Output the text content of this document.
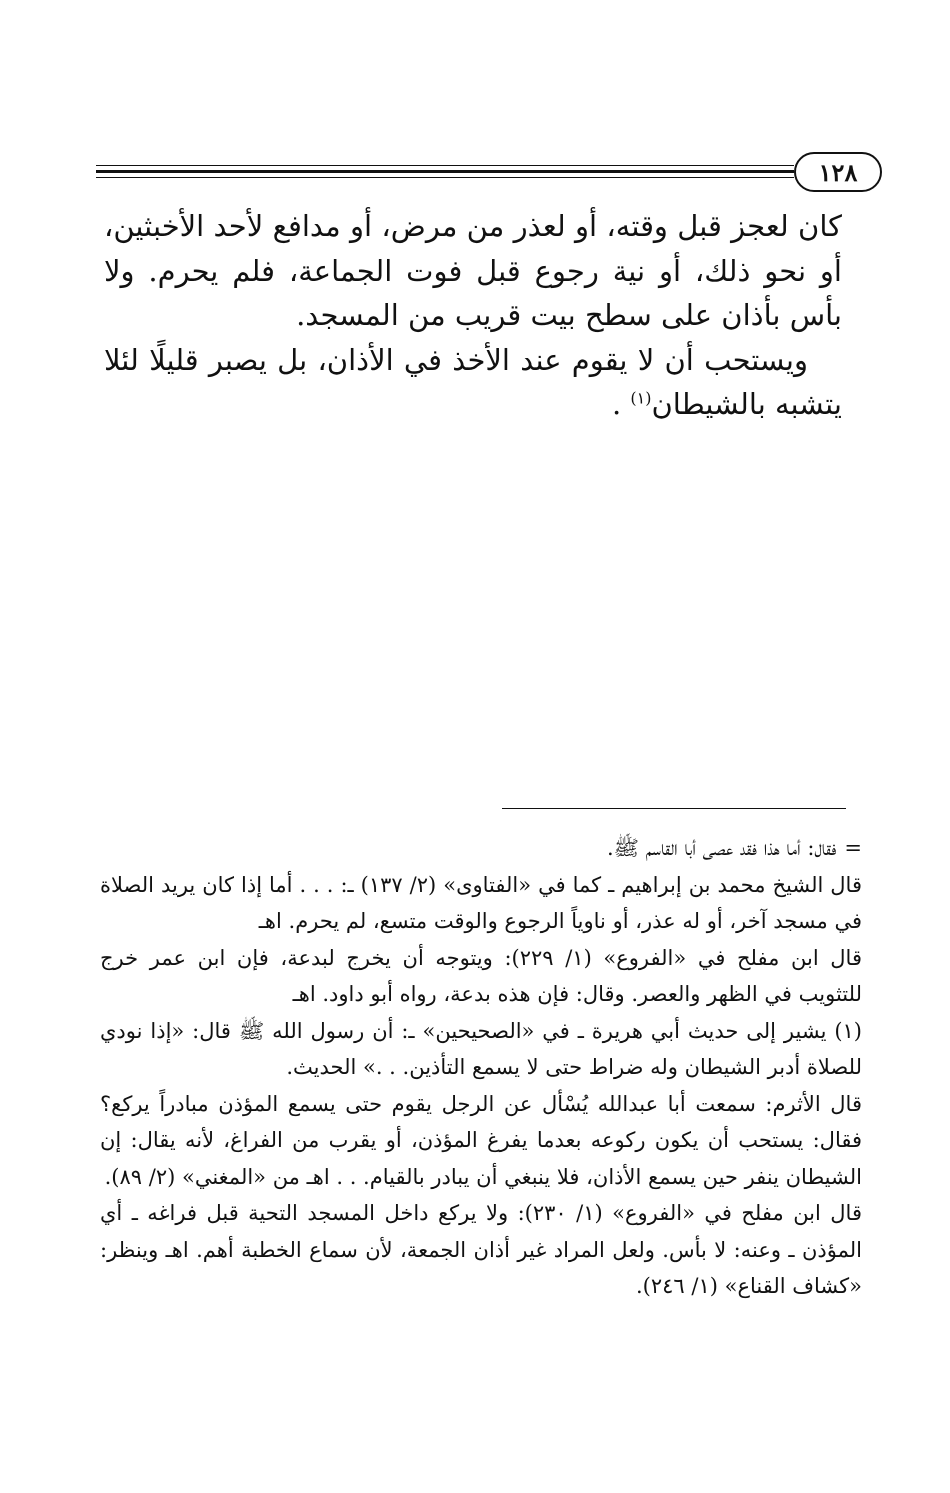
١٢٨

كان لعجز قبل وقته، أو لعذر من مرض، أو مدافع لأحد الأخبثين، أو نحو ذلك، أو نية رجوع قبل فوت الجماعة، فلم يحرم. ولا بأس بأذان على سطح بيت قريب من المسجد.

ويستحب أن لا يقوم عند الأخذ في الأذان، بل يصبر قليلًا لئلا يتشبه بالشيطان$^{(١)}$ .

=فقال: أما هذا فقد عصى أبا القاسم ﷺ.

قال الشيخ محمد بن إبراهيم ـ كما في «الفتاوى» (٢/ ١٣٧) ـ: . . . أما إذا كان يريد الصلاة في مسجد آخر، أو له عذر، أو ناوياً الرجوع والوقت متسع، لم يحرم. اهـ

قال ابن مفلح في «الفروع» (١/ ٢٢٩): ويتوجه أن يخرج لبدعة، فإن ابن عمر خرج للتثويب في الظهر والعصر. وقال: فإن هذه بدعة، رواه أبو داود. اهـ

(١) يشير إلى حديث أبي هريرة ـ في «الصحيحين» ـ: أن رسول الله ﷺ قال: «إذا نودي للصلاة أدبر الشيطان وله ضراط حتى لا يسمع التأذين. . .» الحديث.

قال الأثرم: سمعت أبا عبدالله يُسْأل عن الرجل يقوم حتى يسمع المؤذن مبادراً يركع؟ فقال: يستحب أن يكون ركوعه بعدما يفرغ المؤذن، أو يقرب من الفراغ، لأنه يقال: إن الشيطان ينفر حين يسمع الأذان، فلا ينبغي أن يبادر بالقيام. . . اهـ من «المغني» (٢/ ٨٩).

قال ابن مفلح في «الفروع» (١/ ٢٣٠): ولا يركع داخل المسجد التحية قبل فراغه ـ أي المؤذن ـ وعنه: لا بأس. ولعل المراد غير أذان الجمعة، لأن سماع الخطبة أهم. اهـ وينظر: «كشاف القناع» (١/ ٢٤٦).
